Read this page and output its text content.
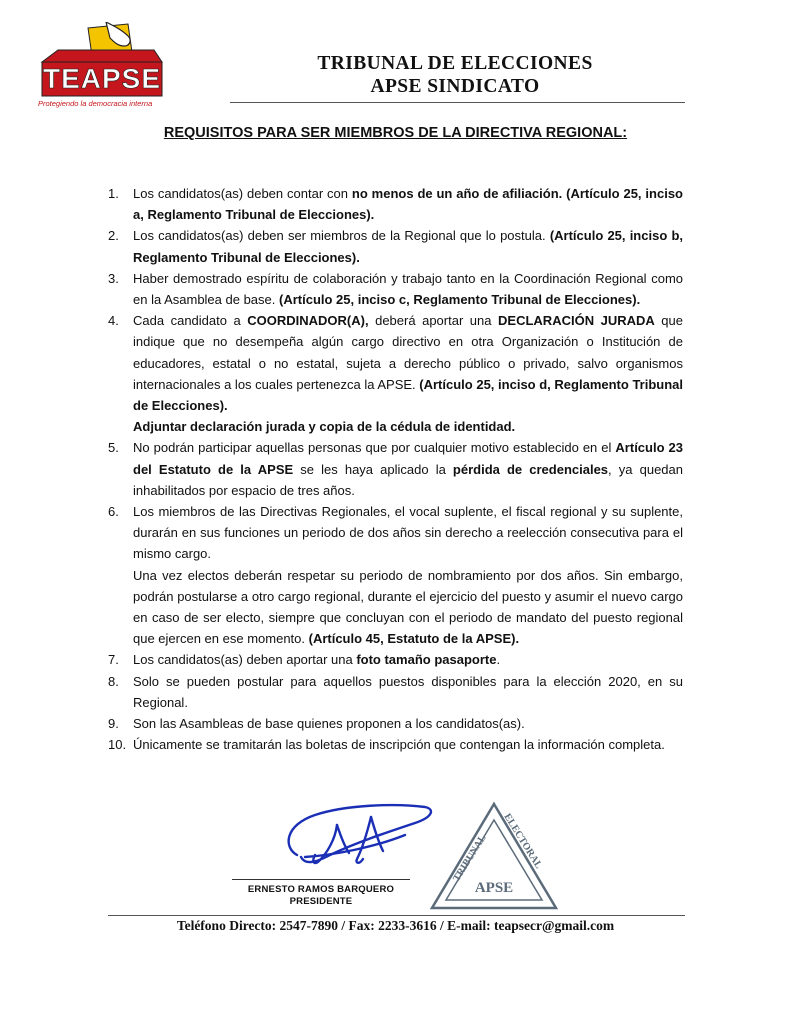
TEAPSE
Protegiendo la democracia interna
TRIBUNAL DE ELECCIONES
APSE SINDICATO
REQUISITOS PARA SER MIEMBROS DE LA DIRECTIVA REGIONAL:
1. Los candidatos(as) deben contar con no menos de un año de afiliación. (Artículo 25, inciso a, Reglamento Tribunal de Elecciones).

2. Los candidatos(as) deben ser miembros de la Regional que lo postula. (Artículo 25, inciso b, Reglamento Tribunal de Elecciones).

3. Haber demostrado espíritu de colaboración y trabajo tanto en la Coordinación Regional como en la Asamblea de base. (Artículo 25, inciso c, Reglamento Tribunal de Elecciones).

4. Cada candidato a COORDINADOR(A), deberá aportar una DECLARACIÓN JURADA que indique que no desempeña algún cargo directivo en otra Organización o Institución de educadores, estatal o no estatal, sujeta a derecho público o privado, salvo organismos internacionales a los cuales pertenezca la APSE. (Artículo 25, inciso d, Reglamento Tribunal de Elecciones).

Adjuntar declaración jurada y copia de la cédula de identidad.

5. No podrán participar aquellas personas que por cualquier motivo establecido en el Artículo 23 del Estatuto de la APSE se les haya aplicado la pérdida de credenciales, ya quedan inhabilitados por espacio de tres años.

6. Los miembros de las Directivas Regionales, el vocal suplente, el fiscal regional y su suplente, durarán en sus funciones un periodo de dos años sin derecho a reelección consecutiva para el mismo cargo.

Una vez electos deberán respetar su periodo de nombramiento por dos años. Sin embargo, podrán postularse a otro cargo regional, durante el ejercicio del puesto y asumir el nuevo cargo en caso de ser electo, siempre que concluyan con el periodo de mandato del puesto regional que ejercen en ese momento. (Artículo 45, Estatuto de la APSE).

7. Los candidatos(as) deben aportar una foto tamaño pasaporte.

8. Solo se pueden postular para aquellos puestos disponibles para la elección 2020, en su Regional.

9. Son las Asambleas de base quienes proponen a los candidatos(as).

10. Únicamente se tramitarán las boletas de inscripción que contengan la información completa.

ERNESTO RAMOS BARQUERO
PRESIDENTE
TRIBUNAL ELECTORAL
APSE
Teléfono Directo: 2547-7890 / Fax: 2233-3616 / E-mail: teapsecr@gmail.com
